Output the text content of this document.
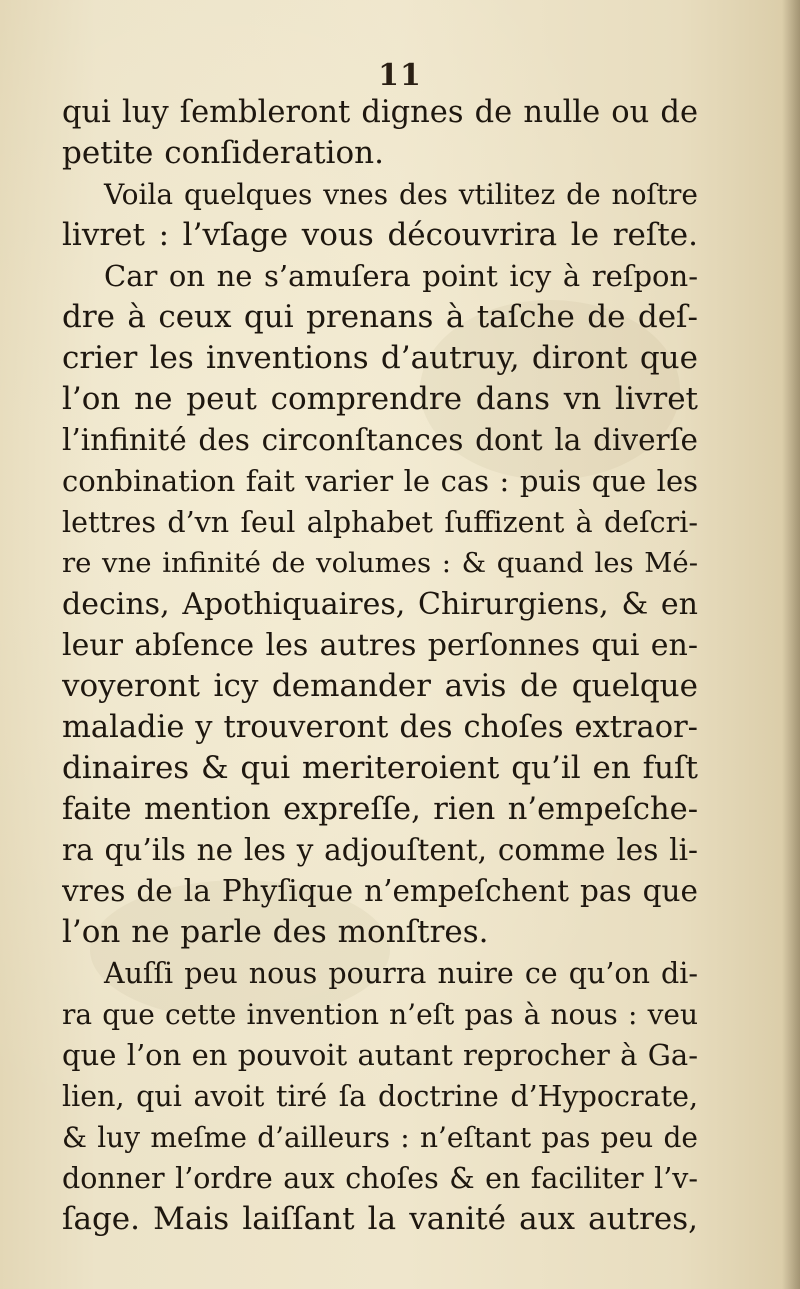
11
qui luy ſembleront dignes de nulle ou de
petite conſideration.
Voila quelques vnes des vtilitez de noſtre
livret : l’vſage vous découvrira le reſte.
Car on ne s’amuſera point icy à reſpon-
dre à ceux qui prenans à taſche de deſ-
crier les inventions d’autruy, diront que
l’on ne peut comprendre dans vn livret
l’infinité des circonſtances dont la diverſe
conbination fait varier le cas : puis que les
lettres d’vn ſeul alphabet ſuffizent à deſcri-
re vne infinité de volumes : & quand les Mé-
decins, Apothiquaires, Chirurgiens, & en
leur abſence les autres perſonnes qui en-
voyeront icy demander avis de quelque
maladie y trouveront des choſes extraor-
dinaires & qui meriteroient qu’il en fuſt
faite mention expreſſe, rien n’empeſche-
ra qu’ils ne les y adjouſtent, comme les li-
vres de la Phyſique n’empeſchent pas que
l’on ne parle des monſtres.
Auſſi peu nous pourra nuire ce qu’on di-
ra que cette invention n’eſt pas à nous : veu
que l’on en pouvoit autant reprocher à Ga-
lien, qui avoit tiré ſa doctrine d’Hypocrate,
& luy meſme d’ailleurs : n’eſtant pas peu de
donner l’ordre aux choſes & en faciliter l’v-
ſage. Mais laiſſant la vanité aux autres,
